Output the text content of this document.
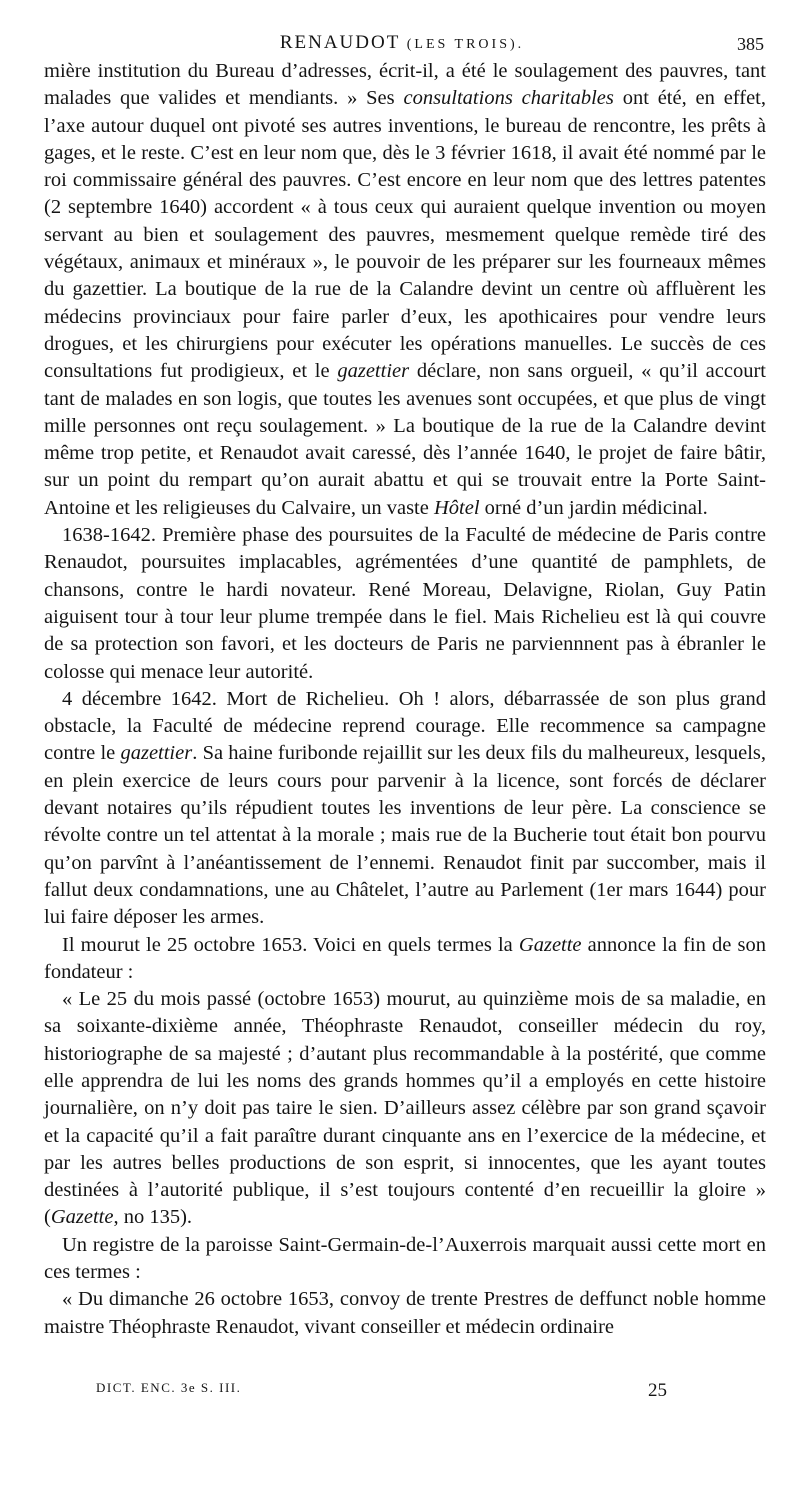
RENAUDOT (LES TROIS).	385

mière institution du Bureau d’adresses, écrit-il, a été le soulagement des pauvres, tant malades que valides et mendiants. » Ses consultations charitables ont été, en effet, l’axe autour duquel ont pivoté ses autres inventions, le bureau de rencontre, les prêts à gages, et le reste. C’est en leur nom que, dès le 3 février 1618, il avait été nommé par le roi commissaire général des pauvres. C’est encore en leur nom que des lettres patentes (2 septembre 1640) accordent « à tous ceux qui auraient quelque invention ou moyen servant au bien et soulagement des pauvres, mesmement quelque remède tiré des végétaux, animaux et minéraux », le pouvoir de les préparer sur les fourneaux mêmes du gazettier. La boutique de la rue de la Calandre devint un centre où affluèrent les médecins provinciaux pour faire parler d’eux, les apothicaires pour vendre leurs drogues, et les chirurgiens pour exécuter les opérations manuelles. Le succès de ces consultations fut prodigieux, et le gazettier déclare, non sans orgueil, « qu’il accourt tant de malades en son logis, que toutes les avenues sont occupées, et que plus de vingt mille personnes ont reçu soulagement. » La boutique de la rue de la Calandre devint même trop petite, et Renaudot avait caressé, dès l’année 1640, le projet de faire bâtir, sur un point du rempart qu’on aurait abattu et qui se trouvait entre la Porte Saint-Antoine et les religieuses du Calvaire, un vaste Hôtel orné d’un jardin médicinal.

1638-1642. Première phase des poursuites de la Faculté de médecine de Paris contre Renaudot, poursuites implacables, agrémentées d’une quantité de pamphlets, de chansons, contre le hardi novateur. René Moreau, Delavigne, Riolan, Guy Patin aiguisent tour à tour leur plume trempée dans le fiel. Mais Richelieu est là qui couvre de sa protection son favori, et les docteurs de Paris ne parviennnent pas à ébranler le colosse qui menace leur autorité.

4 décembre 1642. Mort de Richelieu. Oh ! alors, débarrassée de son plus grand obstacle, la Faculté de médecine reprend courage. Elle recommence sa campagne contre le gazettier. Sa haine furibonde rejaillit sur les deux fils du malheureux, lesquels, en plein exercice de leurs cours pour parvenir à la licence, sont forcés de déclarer devant notaires qu’ils répudient toutes les inventions de leur père. La conscience se révolte contre un tel attentat à la morale ; mais rue de la Bucherie tout était bon pourvu qu’on parvînt à l’anéantissement de l’ennemi. Renaudot finit par succomber, mais il fallut deux condamnations, une au Châtelet, l’autre au Parlement (1er mars 1644) pour lui faire déposer les armes.

Il mourut le 25 octobre 1653. Voici en quels termes la Gazette annonce la fin de son fondateur :

« Le 25 du mois passé (octobre 1653) mourut, au quinzième mois de sa maladie, en sa soixante-dixième année, Théophraste Renaudot, conseiller médecin du roy, historiographe de sa majesté ; d’autant plus recommandable à la postérité, que comme elle apprendra de lui les noms des grands hommes qu’il a employés en cette histoire journalière, on n’y doit pas taire le sien. D’ailleurs assez célèbre par son grand sçavoir et la capacité qu’il a fait paraître durant cinquante ans en l’exercice de la médecine, et par les autres belles productions de son esprit, si innocentes, que les ayant toutes destinées à l’autorité publique, il s’est toujours contenté d’en recueillir la gloire » (Gazette, no 135).

Un registre de la paroisse Saint-Germain-de-l’Auxerrois marquait aussi cette mort en ces termes :

« Du dimanche 26 octobre 1653, convoy de trente Prestres de deffunct noble homme maistre Théophraste Renaudot, vivant conseiller et médecin ordinaire

DICT. ENC. 3e S. III.	25
